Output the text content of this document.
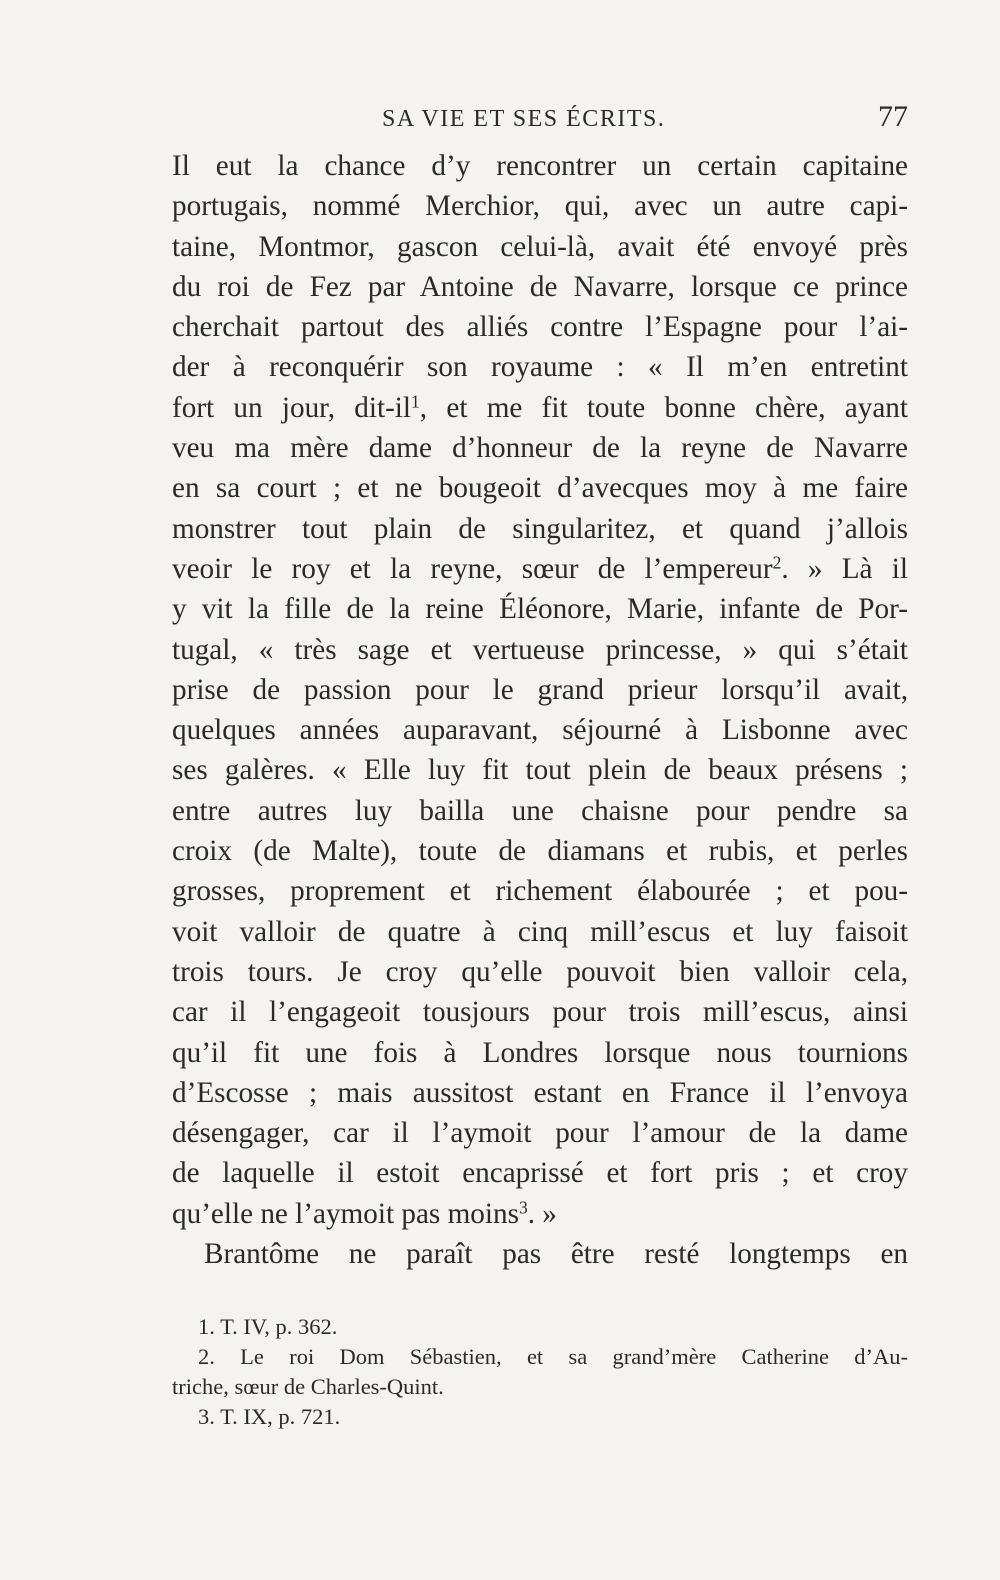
SA VIE ET SES ÉCRITS.	77
Il eut la chance d’y rencontrer un certain capitaine
portugais, nommé Merchior, qui, avec un autre capi-
taine, Montmor, gascon celui-là, avait été envoyé près
du roi de Fez par Antoine de Navarre, lorsque ce prince
cherchait partout des alliés contre l’Espagne pour l’ai-
der à reconquérir son royaume : « Il m’en entretint
fort un jour, dit-$il^1$, et me fit toute bonne chère, ayant
veu ma mère dame d’honneur de la reyne de Navarre
en sa court ; et ne bougeoit d’avecques moy à me faire
monstrer tout plain de singularitez, et quand j’allois
veoir le roy et la reyne, sœur de l’empereur$^2$. » Là il
y vit la fille de la reine Éléonore, Marie, infante de Por-
tugal, « très sage et vertueuse princesse, » qui s’était
prise de passion pour le grand prieur lorsqu’il avait,
quelques années auparavant, séjourné à Lisbonne avec
ses galères. « Elle luy fit tout plein de beaux présens ;
entre autres luy bailla une chaisne pour pendre sa
croix (de Malte), toute de diamans et rubis, et perles
grosses, proprement et richement élabourée ; et pou-
voit valloir de quatre à cinq mill’escus et luy faisoit
trois tours. Je croy qu’elle pouvoit bien valloir cela,
car il l’engageoit tousjours pour trois mill’escus, ainsi
qu’il fit une fois à Londres lorsque nous tournions
d’Escosse ; mais aussitost estant en France il l’envoya
désengager, car il l’aymoit pour l’amour de la dame
de laquelle il estoit encaprissé et fort pris ; et croy
qu’elle ne l’aymoit pas moins$^3$. »
Brantôme ne paraît pas être resté longtemps en
1. T. IV, p. 362.
2. Le roi Dom Sébastien, et sa grand’mère Catherine d’Au-
triche, sœur de Charles-Quint.
3. T. IX, p. 721.
